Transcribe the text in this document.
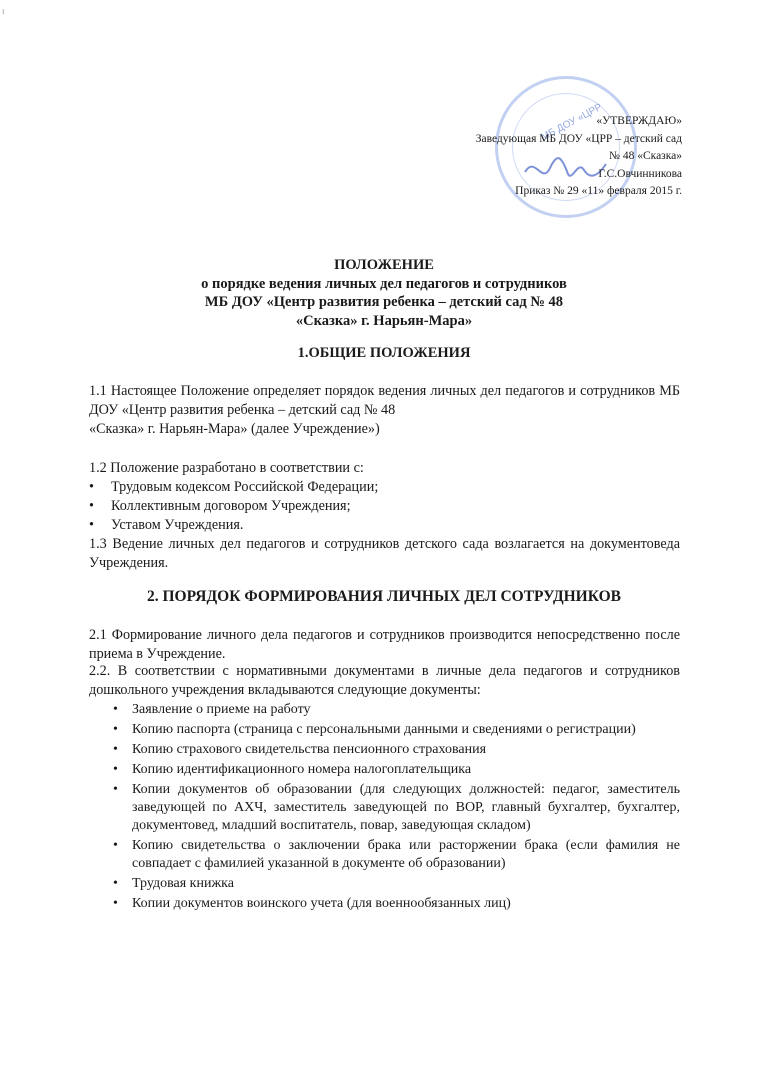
ɪ
МБ ДОУ «ЦРР
«УТВЕРЖДАЮ»
Заведующая МБ ДОУ «ЦРР – детский сад
№ 48 «Сказка»
Г.С.Овчинникова
Приказ № 29 «11» февраля 2015 г.
ПОЛОЖЕНИЕ
о порядке ведения личных дел педагогов и сотрудников
МБ ДОУ «Центр развития ребенка – детский сад № 48
«Сказка» г. Нарьян-Мара»
1.ОБЩИЕ ПОЛОЖЕНИЯ
1.1 Настоящее Положение определяет порядок ведения личных дел педагогов и сотрудников МБ ДОУ «Центр развития ребенка – детский сад № 48
«Сказка» г. Нарьян-Мара» (далее Учреждение»)
1.2 Положение разработано в соответствии с:
• Трудовым кодексом Российской Федерации;
• Коллективным договором Учреждения;
• Уставом Учреждения.
1.3 Ведение личных дел педагогов и сотрудников детского сада возлагается на документоведа Учреждения.
2. ПОРЯДОК ФОРМИРОВАНИЯ ЛИЧНЫХ ДЕЛ СОТРУДНИКОВ
2.1 Формирование личного дела педагогов и сотрудников производится непосредственно после приема в Учреждение.
2.2. В соответствии с нормативными документами в личные дела педагогов и сотрудников дошкольного учреждения вкладываются следующие документы:
• Заявление о приеме на работу
• Копию паспорта (страница с персональными данными и сведениями о регистрации)
• Копию страхового свидетельства пенсионного страхования
• Копию идентификационного номера налогоплательщика
• Копии документов об образовании (для следующих должностей: педагог, заместитель заведующей по АХЧ, заместитель заведующей по ВОР, главный бухгалтер, бухгалтер, документовед, младший воспитатель, повар, заведующая складом)
• Копию свидетельства о заключении брака или расторжении брака (если фамилия не совпадает с фамилией указанной в документе об образовании)
• Трудовая книжка
• Копии документов воинского учета (для военнообязанных лиц)
